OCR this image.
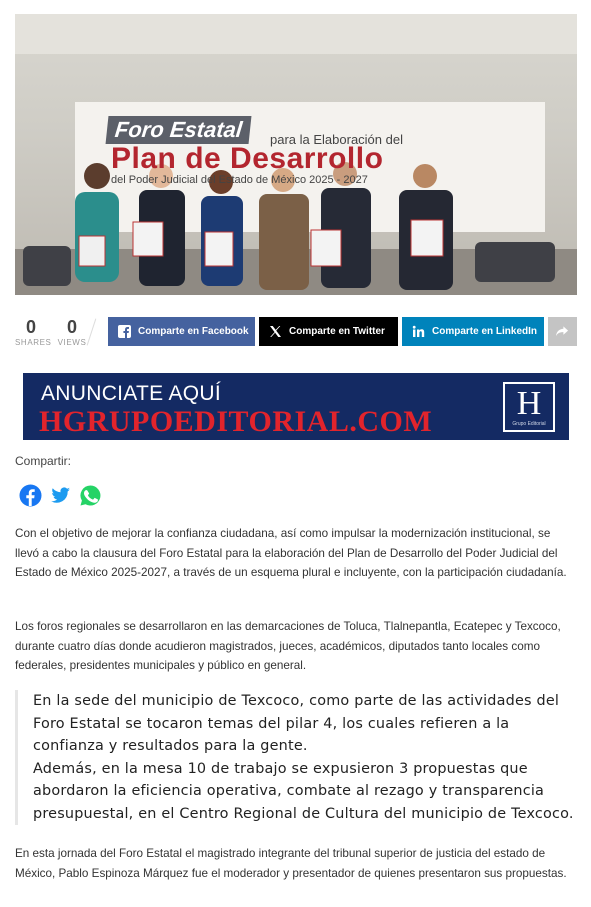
Foro Estatal	para la Elaboración del
Plan de Desarrollo
del Poder Judicial del Estado de México 2025 - 2027
0
SHARES
0
VIEWS
Comparte en Facebook	Comparte en Twitter	Comparte en LinkedIn
ANUNCIATE AQUÍ
HGRUPOEDITORIAL.COM H
Grupo Editorial
Compartir:

Con el objetivo de mejorar la confianza ciudadana, así como impulsar la modernización institucional, se llevó a cabo la clausura del Foro Estatal para la elaboración del Plan de Desarrollo del Poder Judicial del Estado de México 2025-2027, a través de un esquema plural e incluyente, con la participación ciudadanía.

Los foros regionales se desarrollaron en las demarcaciones de Toluca, Tlalnepantla, Ecatepec y Texcoco, durante cuatro días donde acudieron magistrados, jueces, académicos, diputados tanto locales como federales, presidentes municipales y público en general.

En la sede del municipio de Texcoco, como parte de las actividades del Foro Estatal se tocaron temas del pilar 4, los cuales refieren a la confianza y resultados para la gente.
Además, en la mesa 10 de trabajo se expusieron 3 propuestas que abordaron la eficiencia operativa, combate al rezago y transparencia presupuestal, en el Centro Regional de Cultura del municipio de Texcoco.

En esta jornada del Foro Estatal el magistrado integrante del tribunal superior de justicia del estado de México, Pablo Espinoza Márquez fue el moderador y presentador de quienes presentaron sus propuestas.
